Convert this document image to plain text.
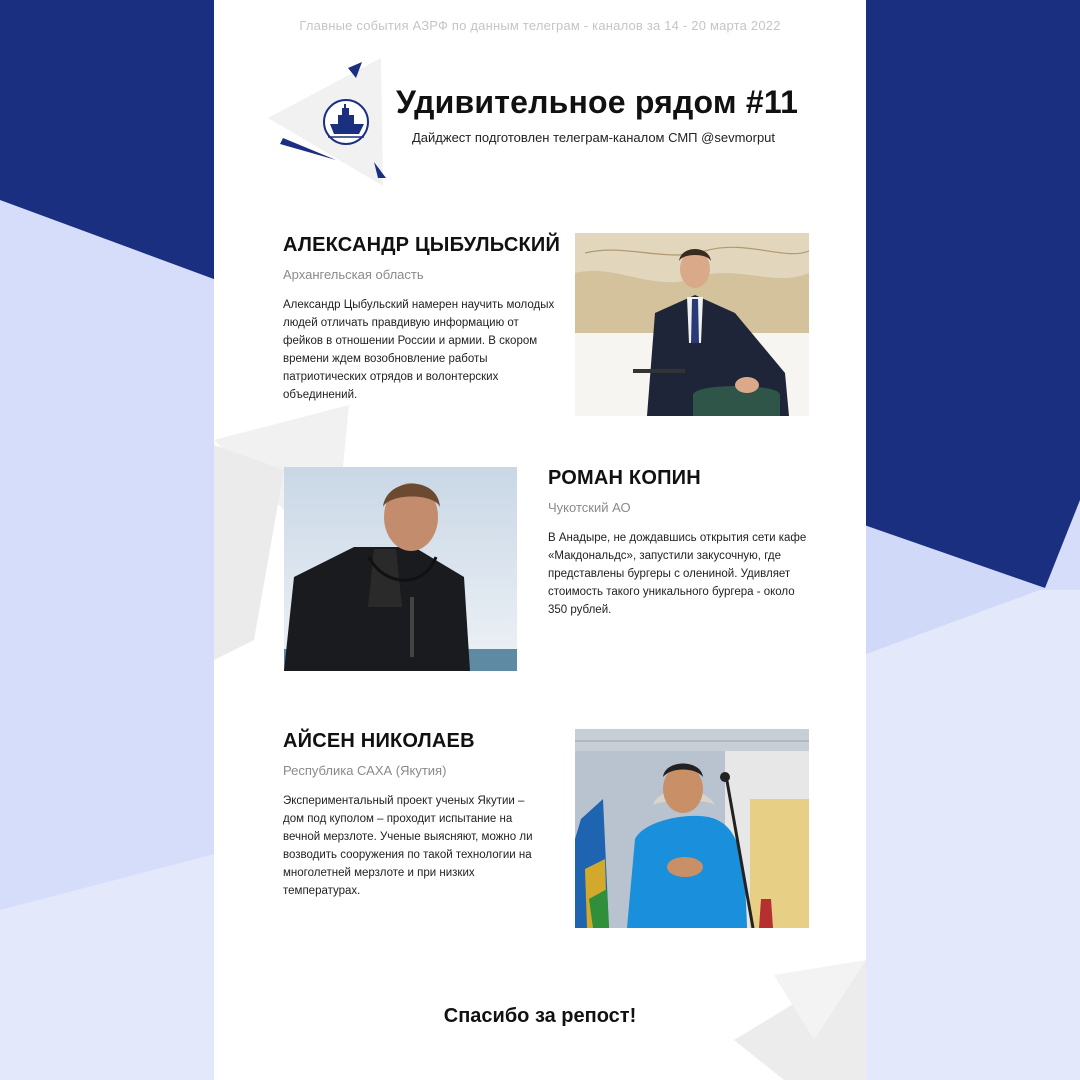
Главные события АЗРФ по данным телеграм - каналов за 14 - 20 марта 2022
Удивительное рядом #11
Дайджест подготовлен телеграм-каналом СМП @sevmorput
АЛЕКСАНДР ЦЫБУЛЬСКИЙ
Архангельская область
Александр Цыбульский намерен научить молодых людей отличать правдивую информацию от фейков в отношении России и армии. В скором времени ждем возобновление работы патриотических отрядов и волонтерских объединений.
РОМАН КОПИН
Чукотский АО
В Анадыре, не дождавшись открытия сети кафе «Макдональдс», запустили закусочную, где представлены бургеры с олениной. Удивляет стоимость такого уникального бургера - около 350 рублей.
АЙСЕН НИКОЛАЕВ
Республика САХА (Якутия)
Экспериментальный проект ученых Якутии – дом под куполом – проходит испытание на вечной мерзлоте. Ученые выясняют, можно ли возводить сооружения по такой технологии на многолетней мерзлоте и при низких температурах.
Спасибо за репост!
